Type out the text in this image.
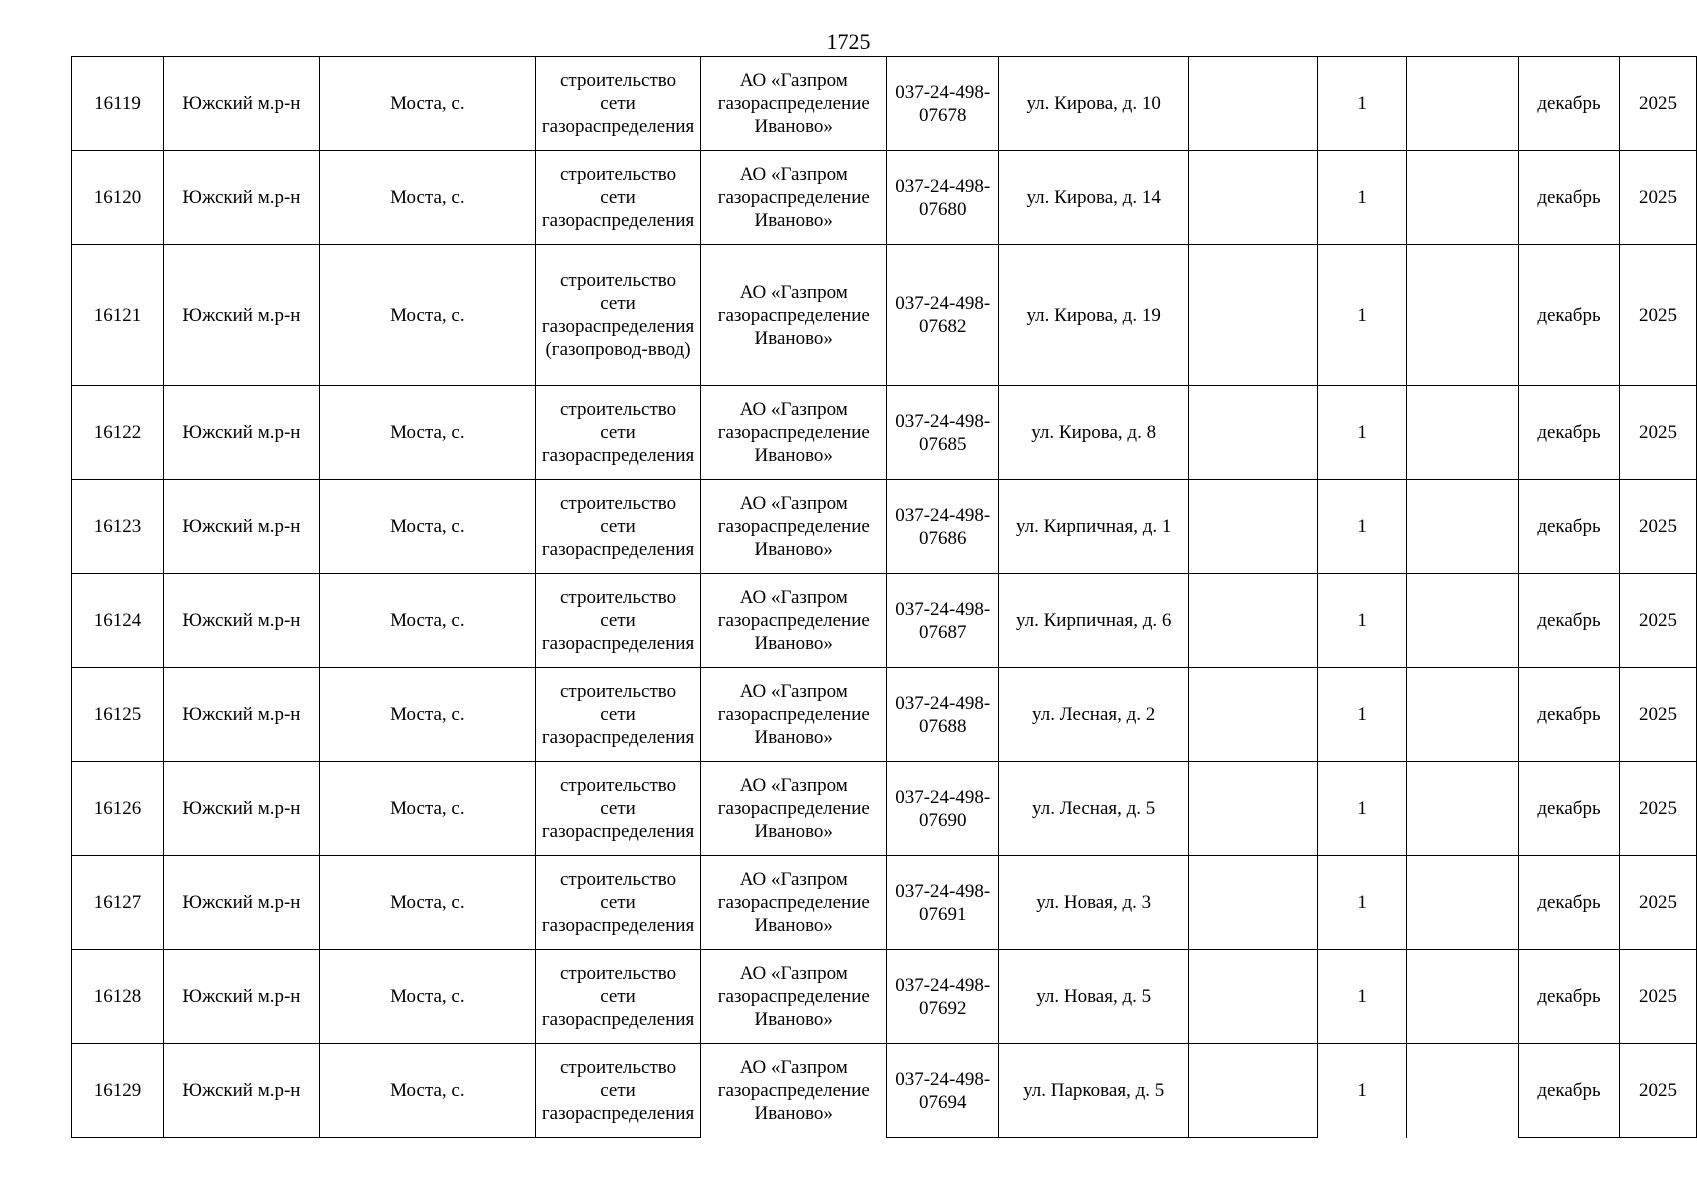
1725
16119	Южский м.р-н	Моста, с.	строительство сети газораспределения	АО «Газпром газораспределение Иваново»	037-24-498-07678	ул. Кирова, д. 10		1		декабрь	2025
16120	Южский м.р-н	Моста, с.	строительство сети газораспределения	АО «Газпром газораспределение Иваново»	037-24-498-07680	ул. Кирова, д. 14		1		декабрь	2025
16121	Южский м.р-н	Моста, с.	строительство сети газораспределения (газопровод-ввод)	АО «Газпром газораспределение Иваново»	037-24-498-07682	ул. Кирова, д. 19		1		декабрь	2025
16122	Южский м.р-н	Моста, с.	строительство сети газораспределения	АО «Газпром газораспределение Иваново»	037-24-498-07685	ул. Кирова, д. 8		1		декабрь	2025
16123	Южский м.р-н	Моста, с.	строительство сети газораспределения	АО «Газпром газораспределение Иваново»	037-24-498-07686	ул. Кирпичная, д. 1		1		декабрь	2025
16124	Южский м.р-н	Моста, с.	строительство сети газораспределения	АО «Газпром газораспределение Иваново»	037-24-498-07687	ул. Кирпичная, д. 6		1		декабрь	2025
16125	Южский м.р-н	Моста, с.	строительство сети газораспределения	АО «Газпром газораспределение Иваново»	037-24-498-07688	ул. Лесная, д. 2		1		декабрь	2025
16126	Южский м.р-н	Моста, с.	строительство сети газораспределения	АО «Газпром газораспределение Иваново»	037-24-498-07690	ул. Лесная, д. 5		1		декабрь	2025
16127	Южский м.р-н	Моста, с.	строительство сети газораспределения	АО «Газпром газораспределение Иваново»	037-24-498-07691	ул. Новая, д. 3		1		декабрь	2025
16128	Южский м.р-н	Моста, с.	строительство сети газораспределения	АО «Газпром газораспределение Иваново»	037-24-498-07692	ул. Новая, д. 5		1		декабрь	2025
16129	Южский м.р-н	Моста, с.	строительство сети газораспределения	АО «Газпром газораспределение Иваново»	037-24-498-07694	ул. Парковая, д. 5		1		декабрь	2025
